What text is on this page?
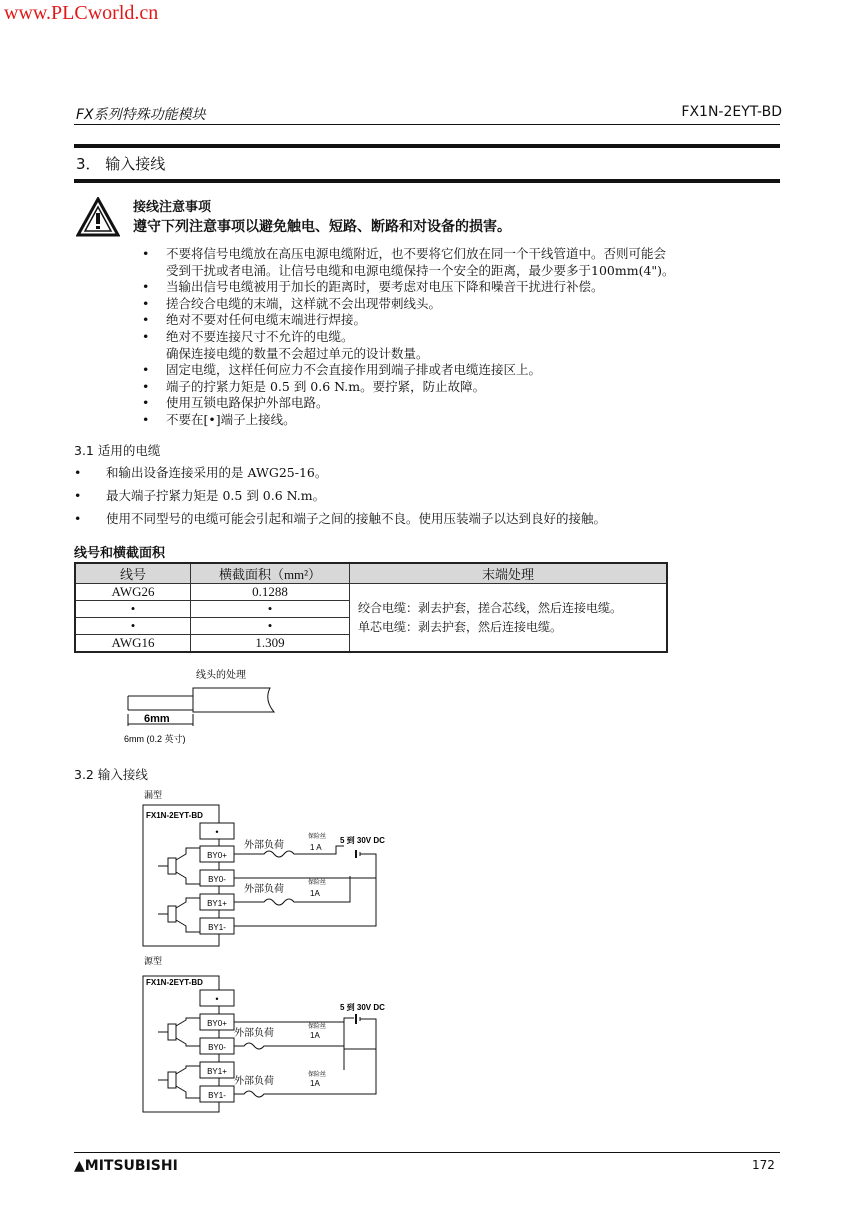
www.PLCworld.cn
FX系列特殊功能模块	FX1N-2EYT-BD
3． 输入接线
接线注意事项
遵守下列注意事项以避免触电、短路、断路和对设备的损害。
• 不要将信号电缆放在高压电源电缆附近，也不要将它们放在同一个干线管道中。否则可能会
受到干扰或者电涌。让信号电缆和电源电缆保持一个安全的距离，最少要多于100mm(4")。
• 当输出信号电缆被用于加长的距离时，要考虑对电压下降和噪音干扰进行补偿。
• 搓合绞合电缆的末端，这样就不会出现带刺线头。
• 绝对不要对任何电缆末端进行焊接。
• 绝对不要连接尺寸不允许的电缆。
确保连接电缆的数量不会超过单元的设计数量。
• 固定电缆，这样任何应力不会直接作用到端子排或者电缆连接区上。
• 端子的拧紧力矩是 0.5 到 0.6 N.m。要拧紧，防止故障。
• 使用互锁电路保护外部电路。
• 不要在[•]端子上接线。
3.1 适用的电缆
• 和输出设备连接采用的是 AWG25-16。
• 最大端子拧紧力矩是 0.5 到 0.6 N.m。
• 使用不同型号的电缆可能会引起和端子之间的接触不良。使用压装端子以达到良好的接触。
线号和横截面积
线号	横截面积（mm²）	末端处理
AWG26	0.1288	绞合电缆：剥去护套，搓合芯线，然后连接电缆。
单芯电缆：剥去护套，然后连接电缆。

•	•	
•	•	
AWG16	1.309	
线头的处理
6mm
6mm (0.2 英寸)
3.2 输入接线
漏型
FX1N-2EYT-BD
•
BY0+
BY0-
BY1+
BY1-
外部负荷
外部负荷
保险丝
1 A
保险丝
1A
5 到 30V DC
源型
FX1N-2EYT-BD
•
BY0+
BY0-
BY1+
BY1-
5 到 30V DC
外部负荷
外部负荷
保险丝
1A
保险丝
1A
▲MITSUBISHI	172
